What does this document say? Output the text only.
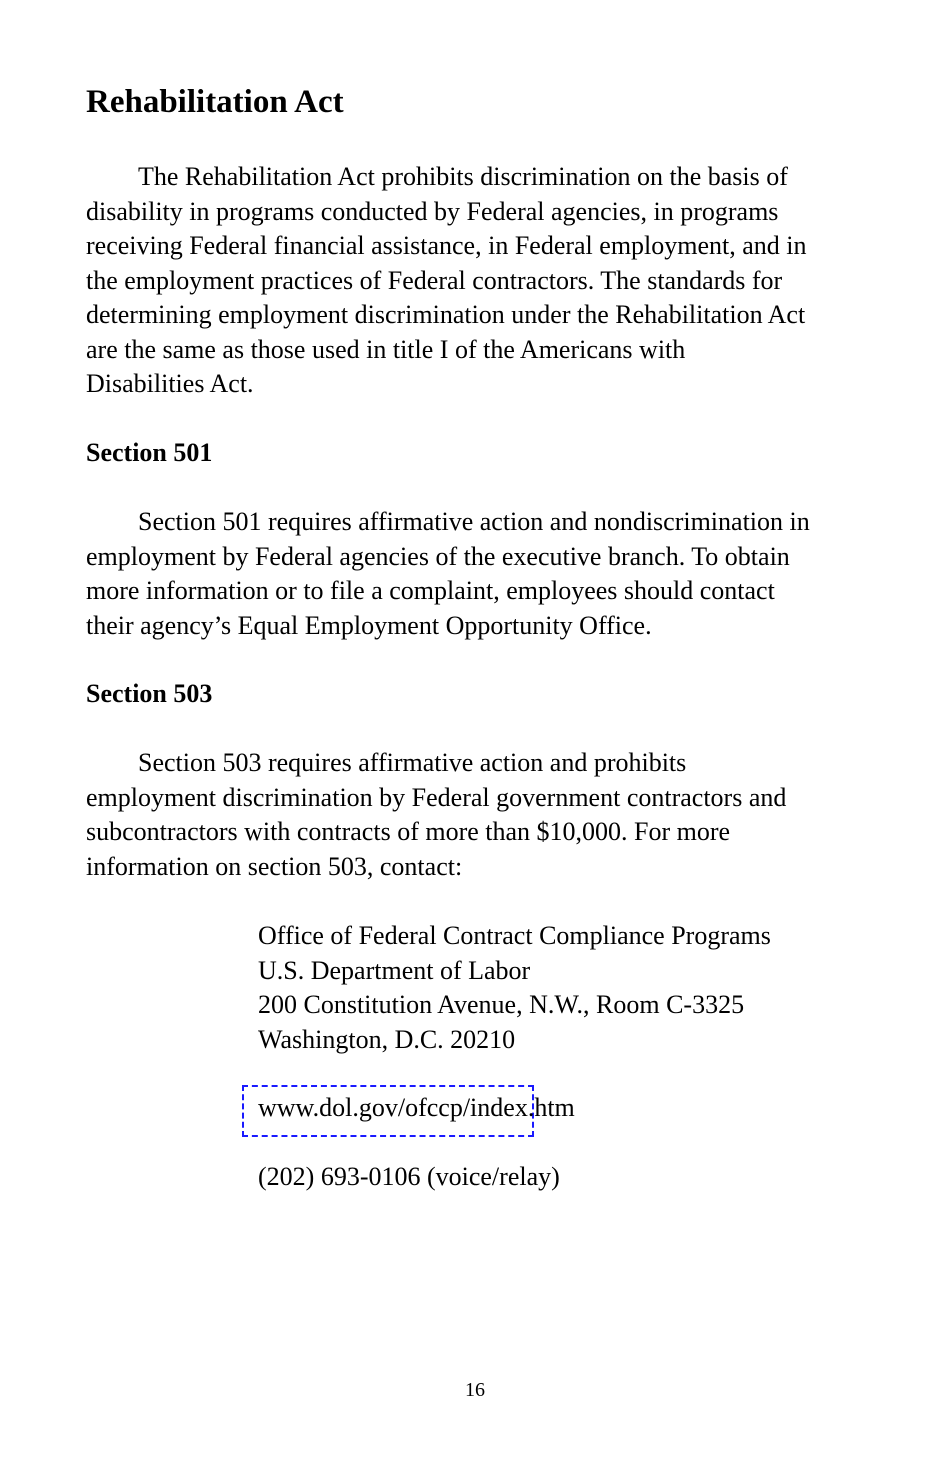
Rehabilitation Act

  The Rehabilitation Act prohibits discrimination on the basis of
disability in programs conducted by Federal agencies, in programs
receiving Federal financial assistance, in Federal employment, and in
the employment practices of Federal contractors. The standards for
determining employment discrimination under the Rehabilitation Act
are the same as those used in title I of the Americans with
Disabilities Act.

Section 501

  Section 501 requires affirmative action and nondiscrimination in
employment by Federal agencies of the executive branch. To obtain
more information or to file a complaint, employees should contact
their agency’s Equal Employment Opportunity Office.

Section 503

  Section 503 requires affirmative action and prohibits
employment discrimination by Federal government contractors and
subcontractors with contracts of more than $10,000. For more
information on section 503, contact:

Office of Federal Contract Compliance Programs
U.S. Department of Labor
200 Constitution Avenue, N.W., Room C-3325
Washington, D.C. 20210

www.dol.gov/ofccp/index.htm

(202) 693-0106 (voice/relay)

16
